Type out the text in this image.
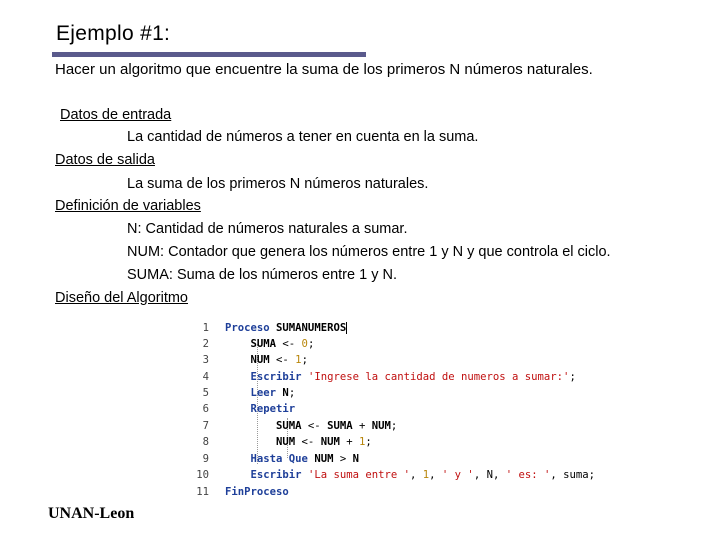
Ejemplo #1:
Hacer un algoritmo que encuentre la suma de los primeros N números naturales.
Datos de entrada
La cantidad de números a tener en cuenta en la suma.
Datos de salida
La suma de los primeros N números naturales.
Definición de variables
N: Cantidad de números naturales a sumar.
NUM: Contador que genera los números entre 1 y N y que controla el ciclo.
SUMA: Suma de los números entre 1 y N.
Diseño del Algoritmo
1 Proceso SUMANUMEROS
2	SUMA <- 0;
3	NUM <- 1;
4	Escribir 'Ingrese la cantidad de numeros a sumar:';
5	Leer N;
6	Repetir
7	SUMA <- SUMA + NUM;
8	NUM <- NUM + 1;
9	Hasta Que NUM > N
10	Escribir 'La suma entre ', 1, ' y ', N, ' es: ', suma;
11 FinProceso
UNAN-Leon
